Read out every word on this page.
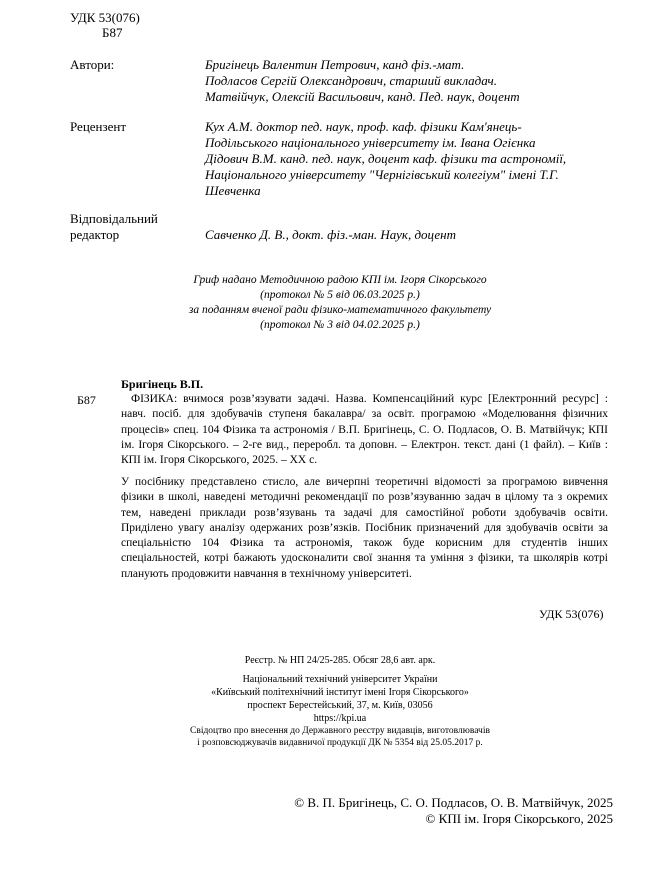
УДК 53(076)
Б87
Автори:	Бригінець Валентин Петрович, канд фіз.-мат.
Подласов Сергій Олександрович, старший викладач.
Матвійчук, Олексій Васильович, канд. Пед. наук, доцент
Рецензент	Кух А.М. доктор пед. наук, проф. каф. фізики Кам'янець-
Подільського національного університету ім. Івана Огієнка
Дідович В.М. канд. пед. наук, доцент каф. фізики та астрономії,
Національного університету "Чернігівський колегіум" імені Т.Г.
Шевченка
Відповідальний
редактор	Савченко Д. В., докт. фіз.-ман. Наук, доцент
Гриф надано Методичною радою КПІ ім. Ігоря Сікорського
(протокол № 5 від 06.03.2025 р.)
за поданням вченої ради фізико-математичного факультету
(протокол № 3 від 04.02.2025 р.)
Бригінець В.П.
Б87	ФІЗИКА: вчимося розв’язувати задачі. Назва. Компенсаційний курс [Електронний ресурс] : навч. посіб. для здобувачів ступеня бакалавра/ за освіт. програмою «Моделювання фізичних процесів» спец. 104 Фізика та астрономія / В.П. Бригінець, С. О. Подласов, О. В. Матвійчук; КПІ ім. Ігоря Сікорського. – 2-ге вид., переробл. та доповн. – Електрон. текст. дані (1 файл). – Київ : КПІ ім. Ігоря Сікорського, 2025. – ХХ с.
У посібнику представлено стисло, але вичерпні теоретичні відомості за програмою вивчення фізики в школі, наведені методичні рекомендації по розв’язуванню задач в цілому та з окремих тем, наведені приклади розв’язувань та задачі для самостійної роботи здобувачів освіти. Приділено увагу аналізу одержаних розв’язків. Посібник призначений для здобувачів освіти за спеціальністю 104 Фізика та астрономія, також буде корисним для студентів інших спеціальностей, котрі бажають удосконалити свої знання та уміння з фізики, та школярів котрі планують продовжити навчання в технічному університеті.
УДК 53(076)
Реєстр. № НП 24/25-285. Обсяг 28,6 авт. арк.
Національний технічний університет України
«Київський політехнічний інститут імені Ігоря Сікорського»
проспект Берестейський, 37, м. Київ, 03056
https://kpi.ua
Свідоцтво про внесення до Державного реєстру видавців, виготовлювачів
і розповсюджувачів видавничої продукції ДК № 5354 від 25.05.2017 р.
© В. П. Бригінець, С. О. Подласов, О. В. Матвійчук, 2025
© КПІ ім. Ігоря Сікорського, 2025
